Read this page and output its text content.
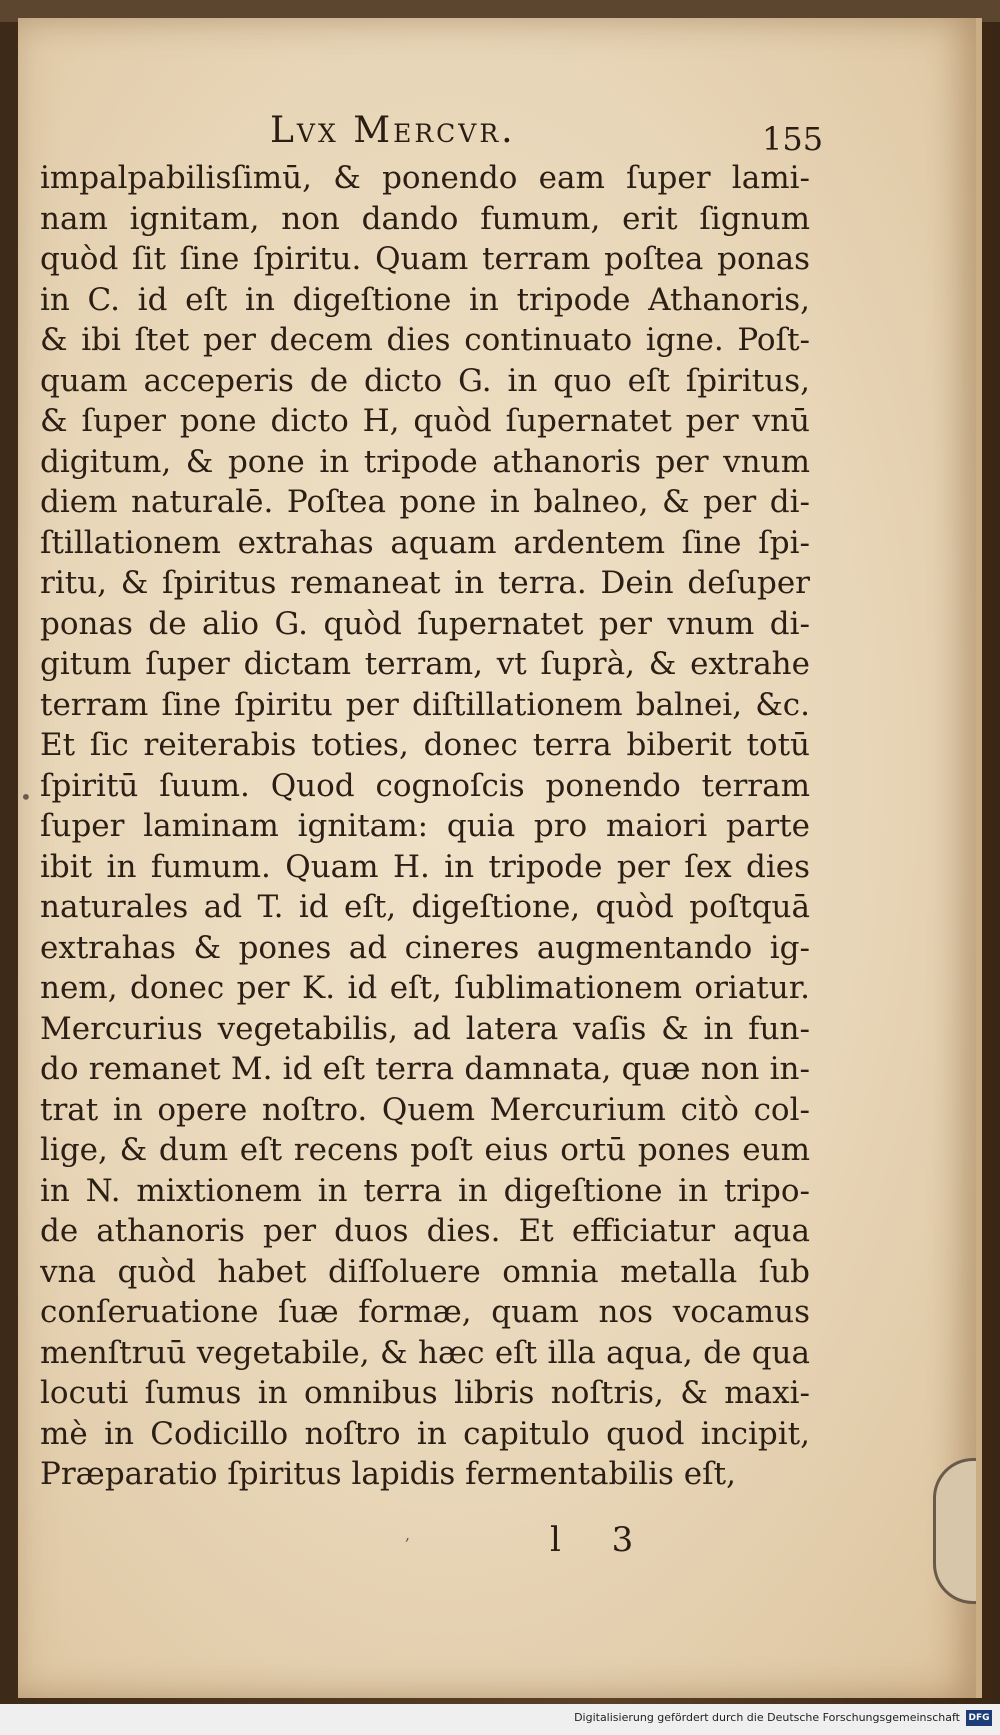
Lvx Mercvr.	155
•
impalpabilisſimū, & ponendo eam ſuper lami-
nam ignitam, non dando fumum, erit ſignum
quòd ſit ſine ſpiritu. Quam terram poſtea ponas
in C. id eſt in digeſtione in tripode Athanoris,
& ibi ſtet per decem dies continuato igne. Poſt-
quam acceperis de dicto G. in quo eſt ſpiritus,
& ſuper pone dicto H, quòd ſupernatet per vnū
digitum, & pone in tripode athanoris per vnum
diem naturalē. Poſtea pone in balneo, & per di-
ſtillationem extrahas aquam ardentem ſine ſpi-
ritu, & ſpiritus remaneat in terra. Dein deſuper
ponas de alio G. quòd ſupernatet per vnum di-
gitum ſuper dictam terram, vt ſuprà, & extrahe
terram ſine ſpiritu per diſtillationem balnei, &c.
Et ſic reiterabis toties, donec terra biberit totū
ſpiritū ſuum. Quod cognoſcis ponendo terram
ſuper laminam ignitam: quia pro maiori parte
ibit in fumum. Quam H. in tripode per ſex dies
naturales ad T. id eſt, digeſtione, quòd poſtquā
extrahas & pones ad cineres augmentando ig-
nem, donec per K. id eſt, ſublimationem oriatur.
Mercurius vegetabilis, ad latera vaſis & in fun-
do remanet M. id eſt terra damnata, quæ non in-
trat in opere noſtro. Quem Mercurium citò col-
lige, & dum eſt recens poſt eius ortū pones eum
in N. mixtionem in terra in digeſtione in tripo-
de athanoris per duos dies. Et efficiatur aqua
vna quòd habet diſſoluere omnia metalla ſub
conſeruatione ſuæ formæ, quam nos vocamus
menſtruū vegetabile, & hæc eſt illa aqua, de qua
locuti ſumus in omnibus libris noſtris, & maxi-
mè in Codicillo noſtro in capitulo quod incipit,
Præparatio ſpiritus lapidis fermentabilis eſt,
,	l 3
Digitalisierung gefördert durch die Deutsche Forschungsgemeinschaft DFG
